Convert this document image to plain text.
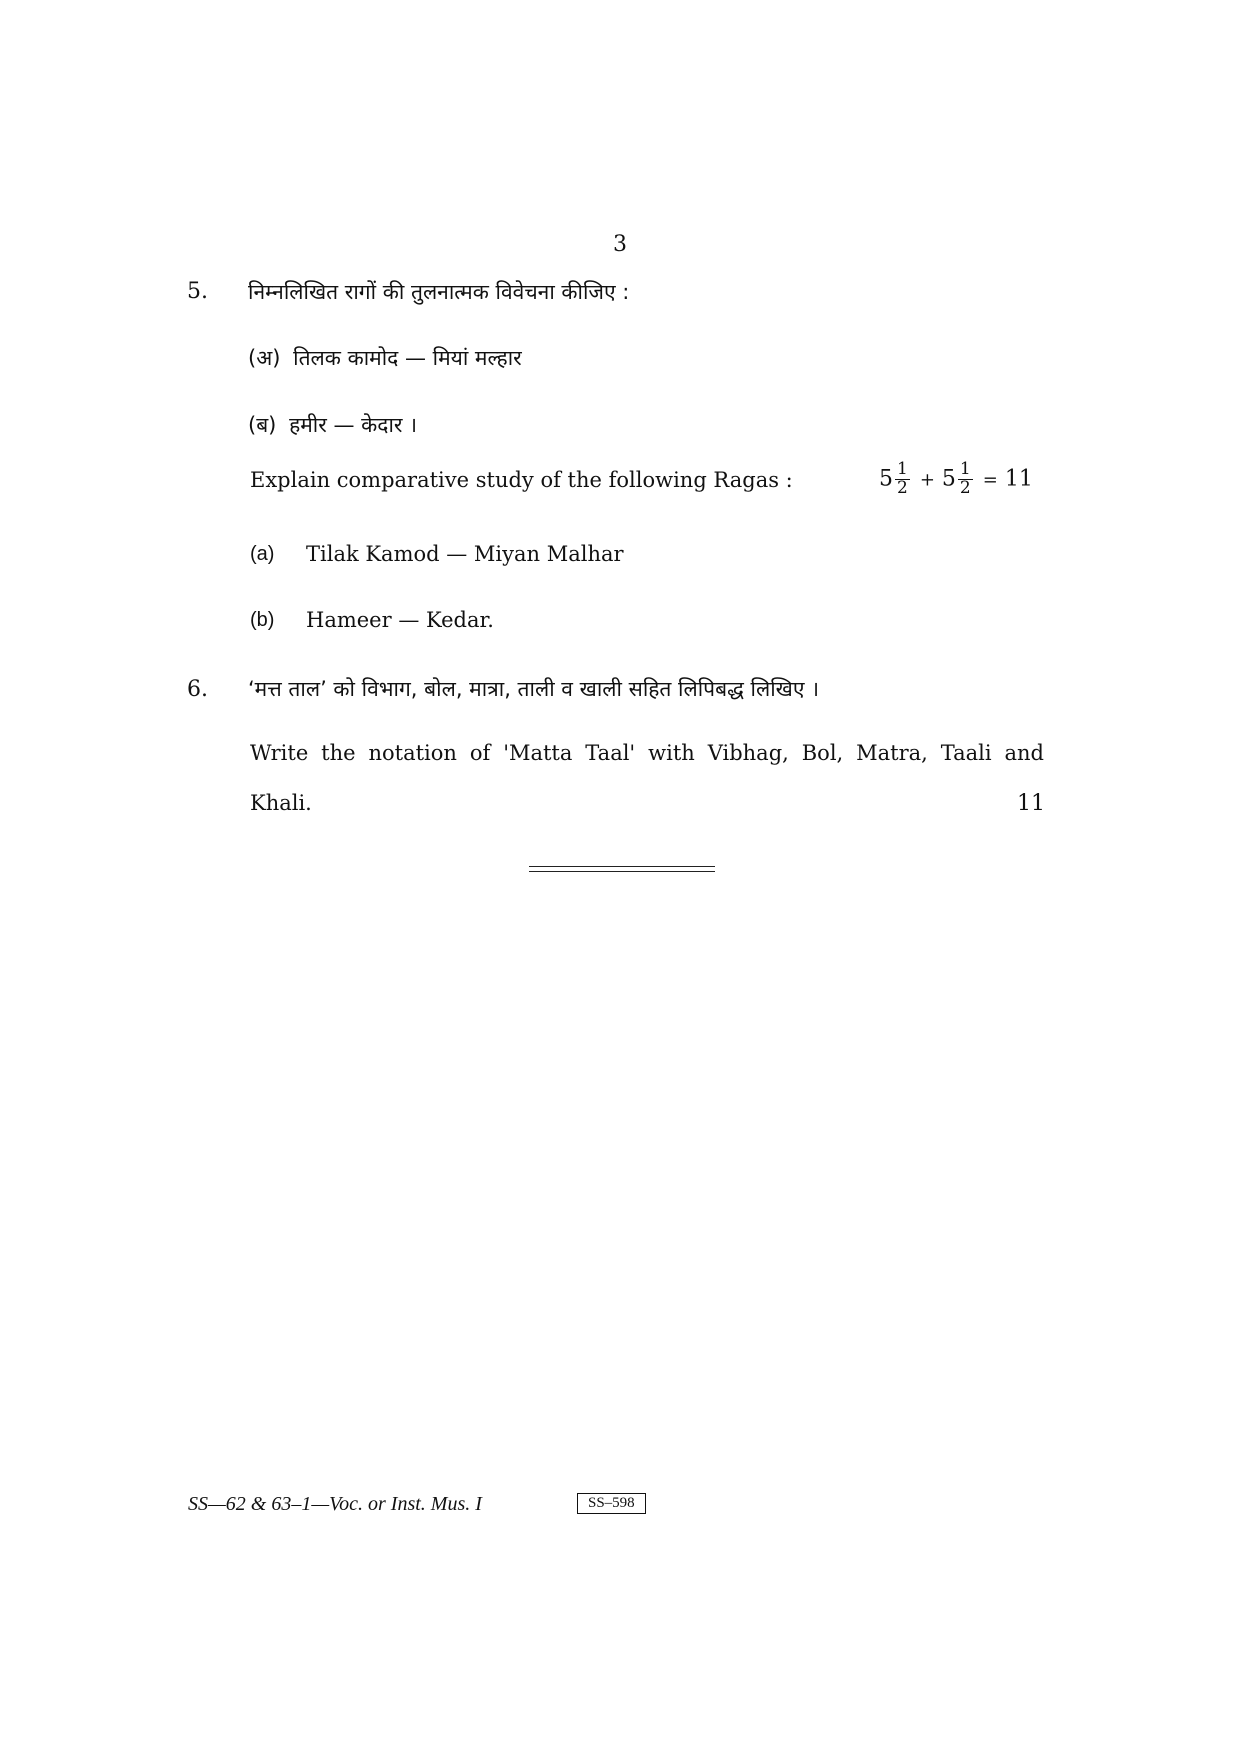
3
5. निम्नलिखित रागों की तुलनात्मक विवेचना कीजिए :
(अ) तिलक कामोद — मियां मल्हार
(ब) हमीर — केदार ।
Explain comparative study of the following Ragas :	$5 \frac{1}{2} + 5 \frac{1}{2} = 11$
(a) Tilak Kamod — Miyan Malhar
(b) Hameer — Kedar.
6. ‘मत्त ताल’ को विभाग, बोल, मात्रा, ताली व खाली सहित लिपिबद्ध लिखिए ।
Write the notation of 'Matta Taal' with Vibhag, Bol, Matra, Taali and
Khali.	11
SS—62 & 63–1—Voc. or Inst. Mus. I	SS–598
